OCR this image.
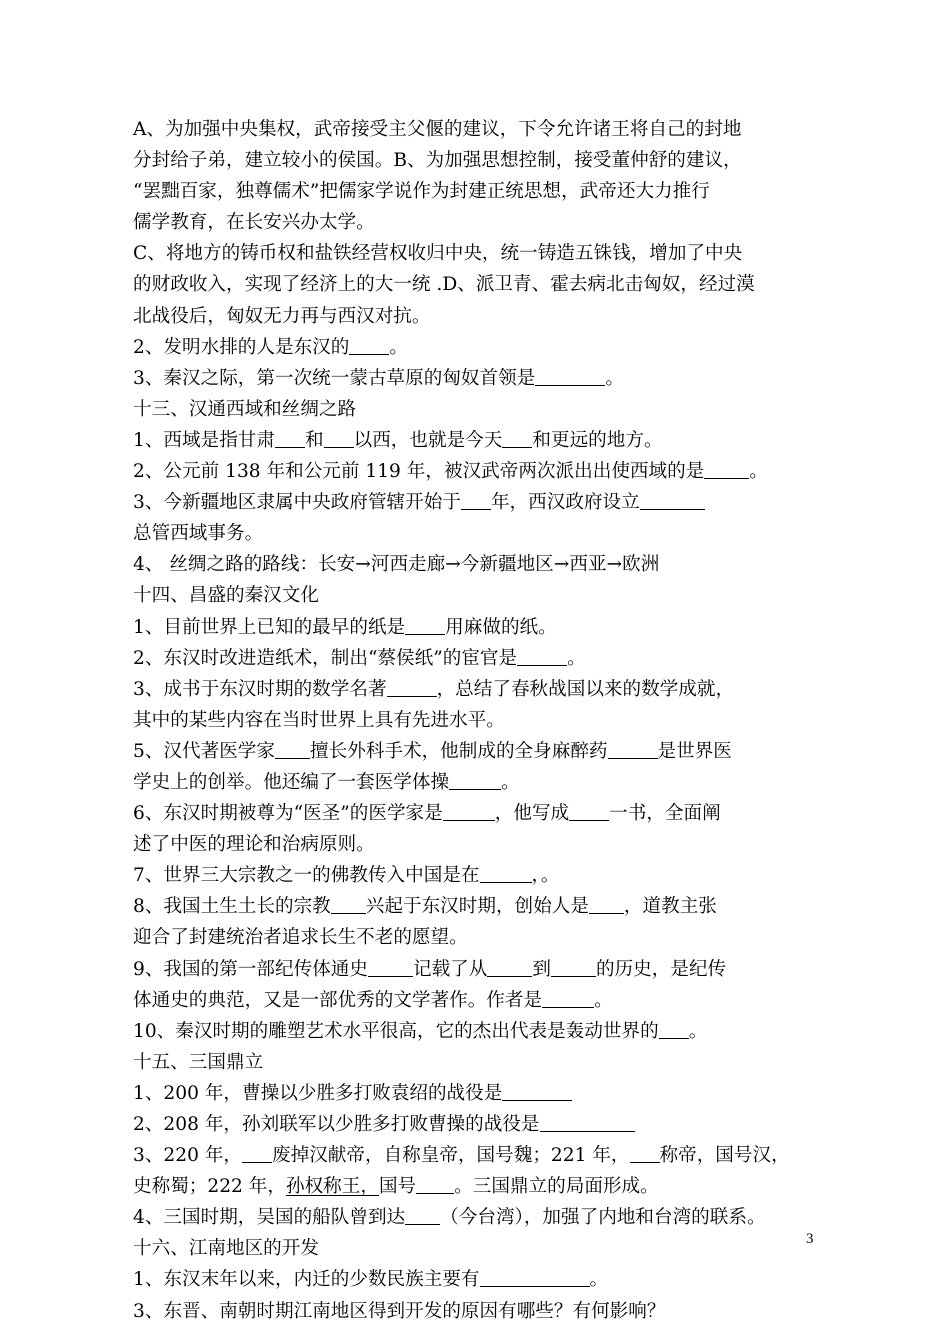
A、为加强中央集权，武帝接受主父偃的建议，下令允许诸王将自己的封地
分封给子弟，建立较小的侯国。B、为加强思想控制，接受董仲舒的建议，
“罢黜百家，独尊儒术”把儒家学说作为封建正统思想，武帝还大力推行
儒学教育，在长安兴办太学。
C、将地方的铸币权和盐铁经营权收归中央，统一铸造五铢钱，增加了中央
的财政收入，实现了经济上的大一统 .D、派卫青、霍去病北击匈奴，经过漠
北战役后，匈奴无力再与西汉对抗。
2、发明水排的人是东汉的 。
3、秦汉之际，第一次统一蒙古草原的匈奴首领是	。
十三、汉通西域和丝绸之路
1、西域是指甘肃 和 以西，也就是今天 和更远的地方。
2、公元前 138 年和公元前 119 年，被汉武帝两次派出出使西域的是 。
3、今新疆地区隶属中央政府管辖开始于 年，西汉政府设立
总管西域事务。
4、 丝绸之路的路线：长安→河西走廊→今新疆地区→西亚→欧洲
十四、昌盛的秦汉文化
1、目前世界上已知的最早的纸是 用麻做的纸。
2、东汉时改进造纸术，制出“蔡侯纸”的宦官是	。
3、成书于东汉时期的数学名著	，总结了春秋战国以来的数学成就，
其中的某些内容在当时世界上具有先进水平。
5、汉代著医学家 擅长外科手术，他制成的全身麻醉药	是世界医
学史上的创举。他还编了一套医学体操	。
6、东汉时期被尊为“医圣”的医学家是	，他写成 一书，全面阐
述了中医的理论和治病原则。
7、世界三大宗教之一的佛教传入中国是在	，。
8、我国土生土长的宗教 兴起于东汉时期，创始人是 ，道教主张
迎合了封建统治者追求长生不老的愿望。
9、我国的第一部纪传体通史 记载了从 到 的历史，是纪传
体通史的典范，又是一部优秀的文学著作。作者是	。
10、秦汉时期的雕塑艺术水平很高，它的杰出代表是轰动世界的 。
十五、三国鼎立
1、200 年，曹操以少胜多打败袁绍的战役是
2、208 年，孙刘联军以少胜多打败曹操的战役是
3、220 年， 废掉汉献帝，自称皇帝，国号魏；221 年， 称帝，国号汉，
史称蜀；222 年，孙权称王，国号 。三国鼎立的局面形成。
4、三国时期，吴国的船队曾到达 （今台湾），加强了内地和台湾的联系。
十六、江南地区的开发
1、东汉末年以来，内迁的少数民族主要有	。
3、东晋、南朝时期江南地区得到开发的原因有哪些？有何影响？
3
